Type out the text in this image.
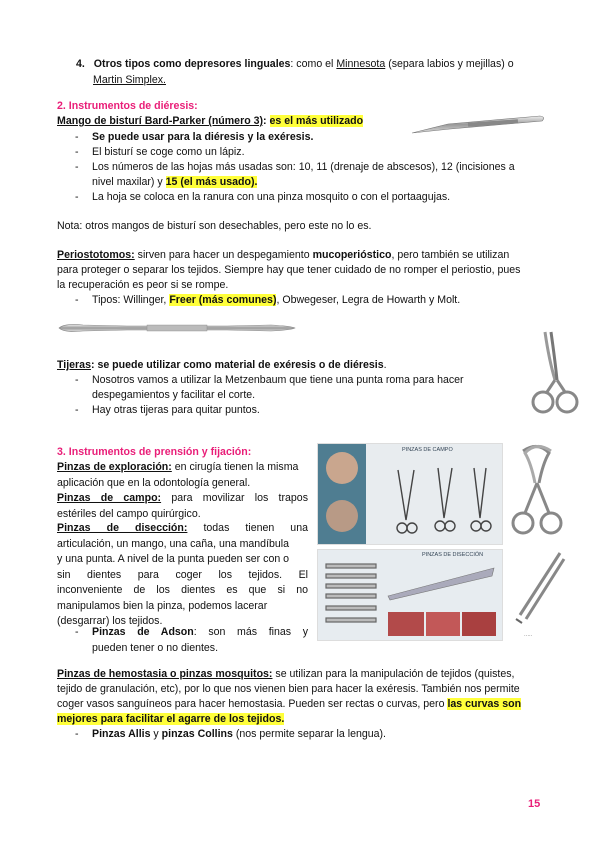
4. Otros tipos como depresores linguales: como el Minnesota (separa labios y mejillas) o
Martin Simplex.
2. Instrumentos de diéresis:
Mango de bisturí Bard-Parker (número 3): es el más utilizado
- Se puede usar para la diéresis y la exéresis.
- El bisturí se coge como un lápiz.
- Los números de las hojas más usadas son: 10, 11 (drenaje de abscesos), 12 (incisiones a
nivel maxilar) y 15 (el más usado).
- La hoja se coloca en la ranura con una pinza mosquito o con el portaagujas.
Nota: otros mangos de bisturí son desechables, pero este no lo es.
Periostotomos: sirven para hacer un despegamiento mucoperióstico, pero también se utilizan
para proteger o separar los tejidos. Siempre hay que tener cuidado de no romper el periostio, pues
la recuperación es peor si se rompe.
- Tipos: Willinger, Freer (más comunes), Obwegeser, Legra de Howarth y Molt.
Tijeras: se puede utilizar como material de exéresis o de diéresis.
- Nosotros vamos a utilizar la Metzenbaum que tiene una punta roma para hacer
despegamientos y facilitar el corte.
- Hay otras tijeras para quitar puntos.
3. Instrumentos de prensión y fijación:

Pinzas de exploración: en cirugía tienen la misma

aplicación que en la odontología general.

Pinzas de campo: para movilizar los trapos

estériles del campo quirúrgico.

Pinzas de disección: todas tienen una

articulación, un mango, una caña, una mandíbula

y una punta. A nivel de la punta pueden ser con o

sin dientes para coger los tejidos. El

inconveniente de los dientes es que si no

manipulamos bien la pinza, podemos lacerar

(desgarrar) los tejidos.

- Pinzas de Adson: son más finas y

pueden tener o no dientes.

PINZAS DE CAMPO
PINZAS DE DISECCIÓN
·····
Pinzas de hemostasia o pinzas mosquitos: se utilizan para la manipulación de tejidos (quistes,
tejido de granulación, etc), por lo que nos vienen bien para hacer la exéresis. También nos permite
coger vasos sanguíneos para hacer hemostasia. Pueden ser rectas o curvas, pero las curvas son
mejores para facilitar el agarre de los tejidos.
- Pinzas Allis y pinzas Collins (nos permite separar la lengua).
15
